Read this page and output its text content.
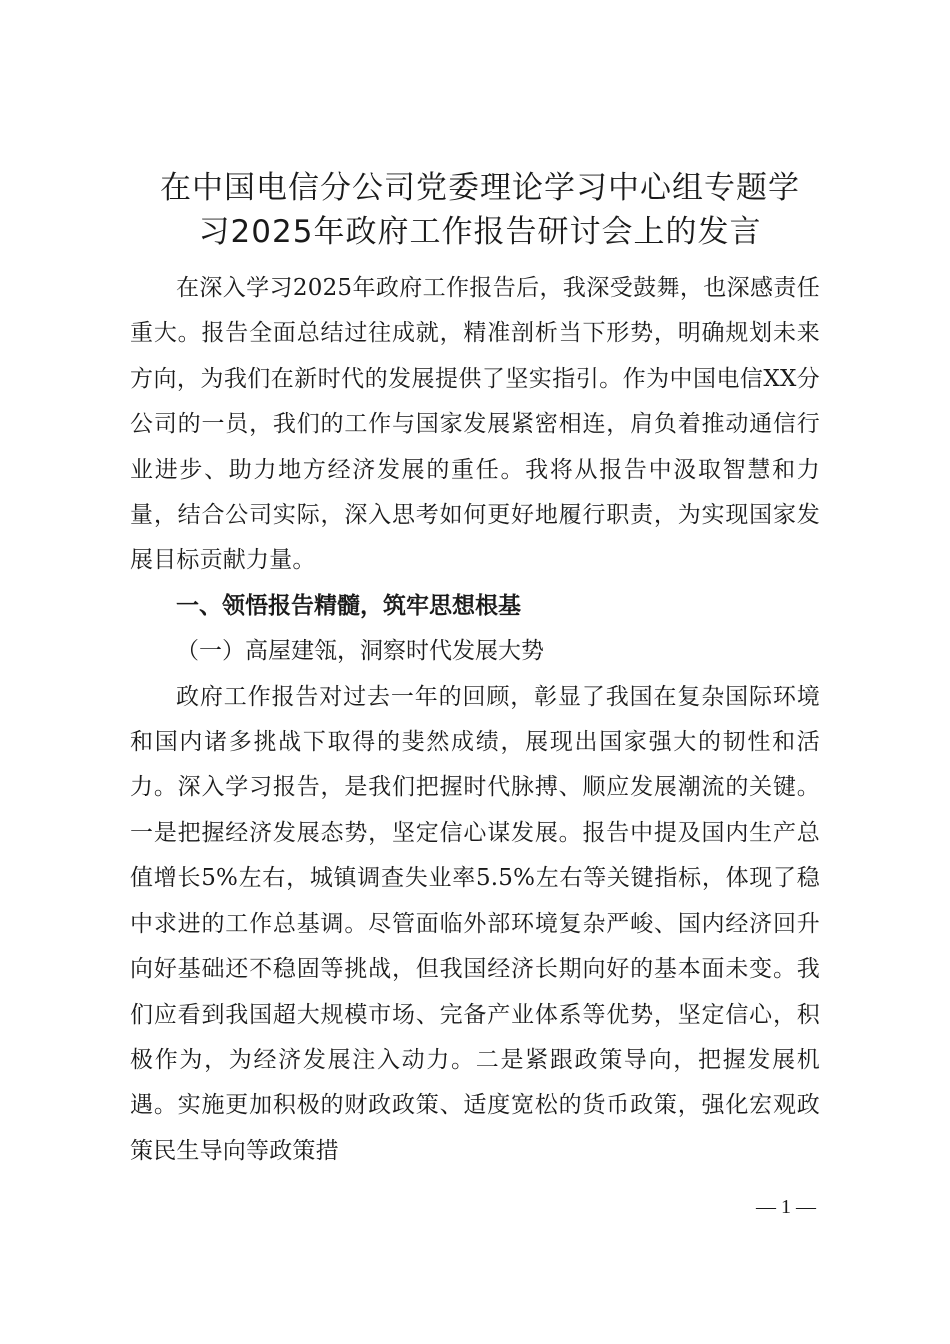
在中国电信分公司党委理论学习中心组专题学
习2025年政府工作报告研讨会上的发言

在深入学习2025年政府工作报告后，我深受鼓舞，也深感责任重大。报告全面总结过往成就，精准剖析当下形势，明确规划未来方向，为我们在新时代的发展提供了坚实指引。作为中国电信XX分公司的一员，我们的工作与国家发展紧密相连，肩负着推动通信行业进步、助力地方经济发展的重任。我将从报告中汲取智慧和力量，结合公司实际，深入思考如何更好地履行职责，为实现国家发展目标贡献力量。

一、领悟报告精髓，筑牢思想根基

（一）高屋建瓴，洞察时代发展大势

政府工作报告对过去一年的回顾，彰显了我国在复杂国际环境和国内诸多挑战下取得的斐然成绩，展现出国家强大的韧性和活力。深入学习报告，是我们把握时代脉搏、顺应发展潮流的关键。一是把握经济发展态势，坚定信心谋发展。报告中提及国内生产总值增长5%左右，城镇调查失业率5.5%左右等关键指标，体现了稳中求进的工作总基调。尽管面临外部环境复杂严峻、国内经济回升向好基础还不稳固等挑战，但我国经济长期向好的基本面未变。我们应看到我国超大规模市场、完备产业体系等优势，坚定信心，积极作为，为经济发展注入动力。二是紧跟政策导向，把握发展机遇。实施更加积极的财政政策、适度宽松的货币政策，强化宏观政策民生导向等政策措

— 1 —
